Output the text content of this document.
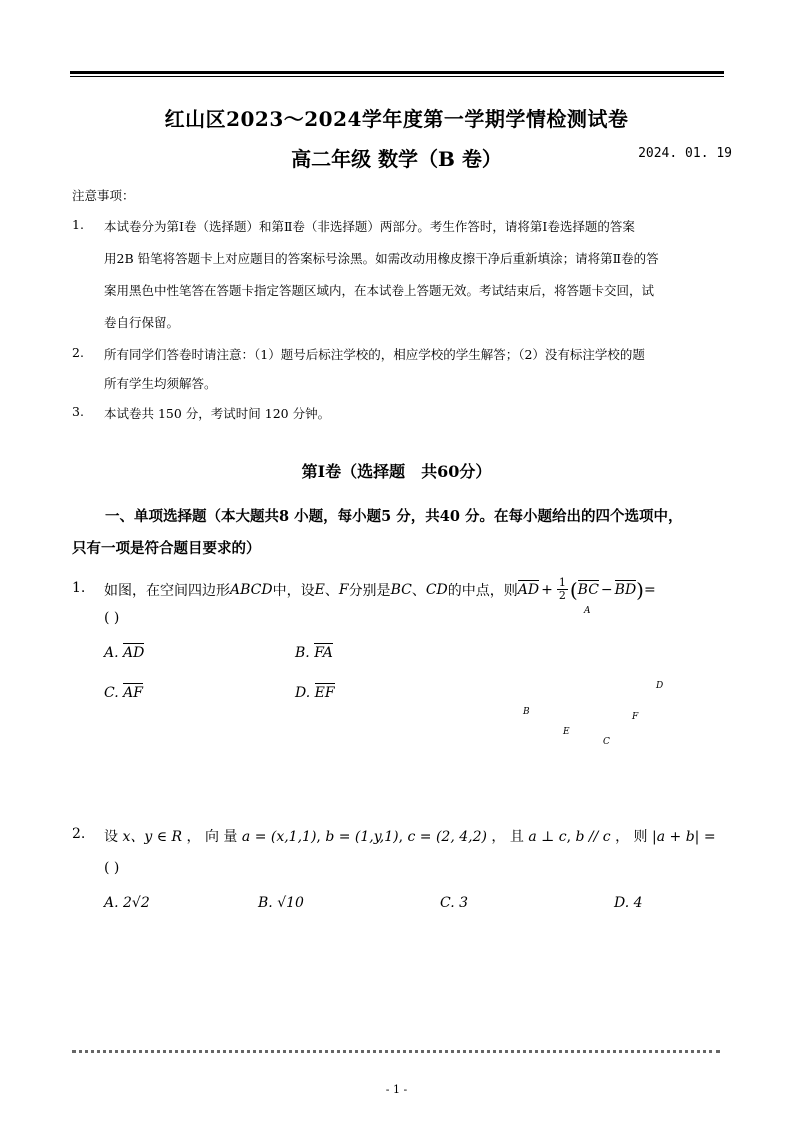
红山区2023～2024学年度第一学期学情检测试卷
高二年级 数学（B 卷）	2024. 01. 19
注意事项：
1. 本试卷分为第Ⅰ卷（选择题）和第Ⅱ卷（非选择题）两部分。考生作答时，请将第Ⅰ卷选择题的答案
用2B 铅笔将答题卡上对应题目的答案标号涂黑。如需改动用橡皮擦干净后重新填涂；请将第Ⅱ卷的答
案用黑色中性笔答在答题卡指定答题区域内，在本试卷上答题无效。考试结束后，将答题卡交回，试
卷自行保留。
2. 所有同学们答卷时请注意：（1）题号后标注学校的，相应学校的学生解答；（2）没有标注学校的题
所有学生均须解答。
3. 本试卷共 150 分，考试时间 120 分钟。
第Ⅰ卷（选择题　共60分）
一、单项选择题（本大题共8 小题，每小题5 分，共40 分。在每小题给出的四个选项中，
只有一项是符合题目要求的）
1. 如图，在空间四边形 ABCD 中，设 E 、 F 分别是 BC 、 CD 的中点，则 AD + $\frac{1}{2}$ ( BC − BD ) =
( )
A. AD	B. FA
C. AF	D. EF
A
D
B	F
E
C
2. 设 x、y ∈ R ， 向 量 a = (x,1,1), b = (1,y,1), c = (2, 4,2) ， 且 a ⊥ c, b // c ， 则 |a + b| =
( )
A. 2√2	B. √10	C. 3	D. 4
- 1 -
